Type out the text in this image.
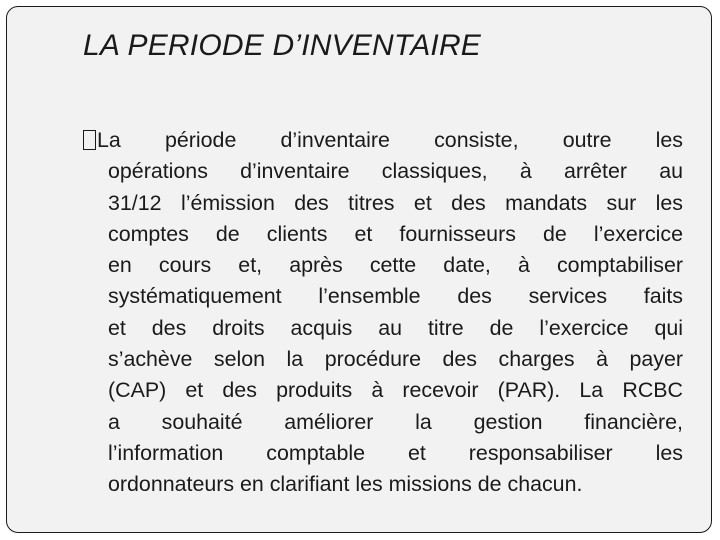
LA PERIODE D’INVENTAIRE
La période d’inventaire consiste, outre les
opérations d’inventaire classiques, à arrêter au
31/12 l’émission des titres et des mandats sur les
comptes de clients et fournisseurs de l’exercice
en cours et, après cette date, à comptabiliser
systématiquement l’ensemble des services faits
et des droits acquis au titre de l’exercice qui
s’achève selon la procédure des charges à payer
(CAP) et des produits à recevoir (PAR). La RCBC
a souhaité améliorer la gestion financière,
l’information comptable et responsabiliser les
ordonnateurs en clarifiant les missions de chacun.
